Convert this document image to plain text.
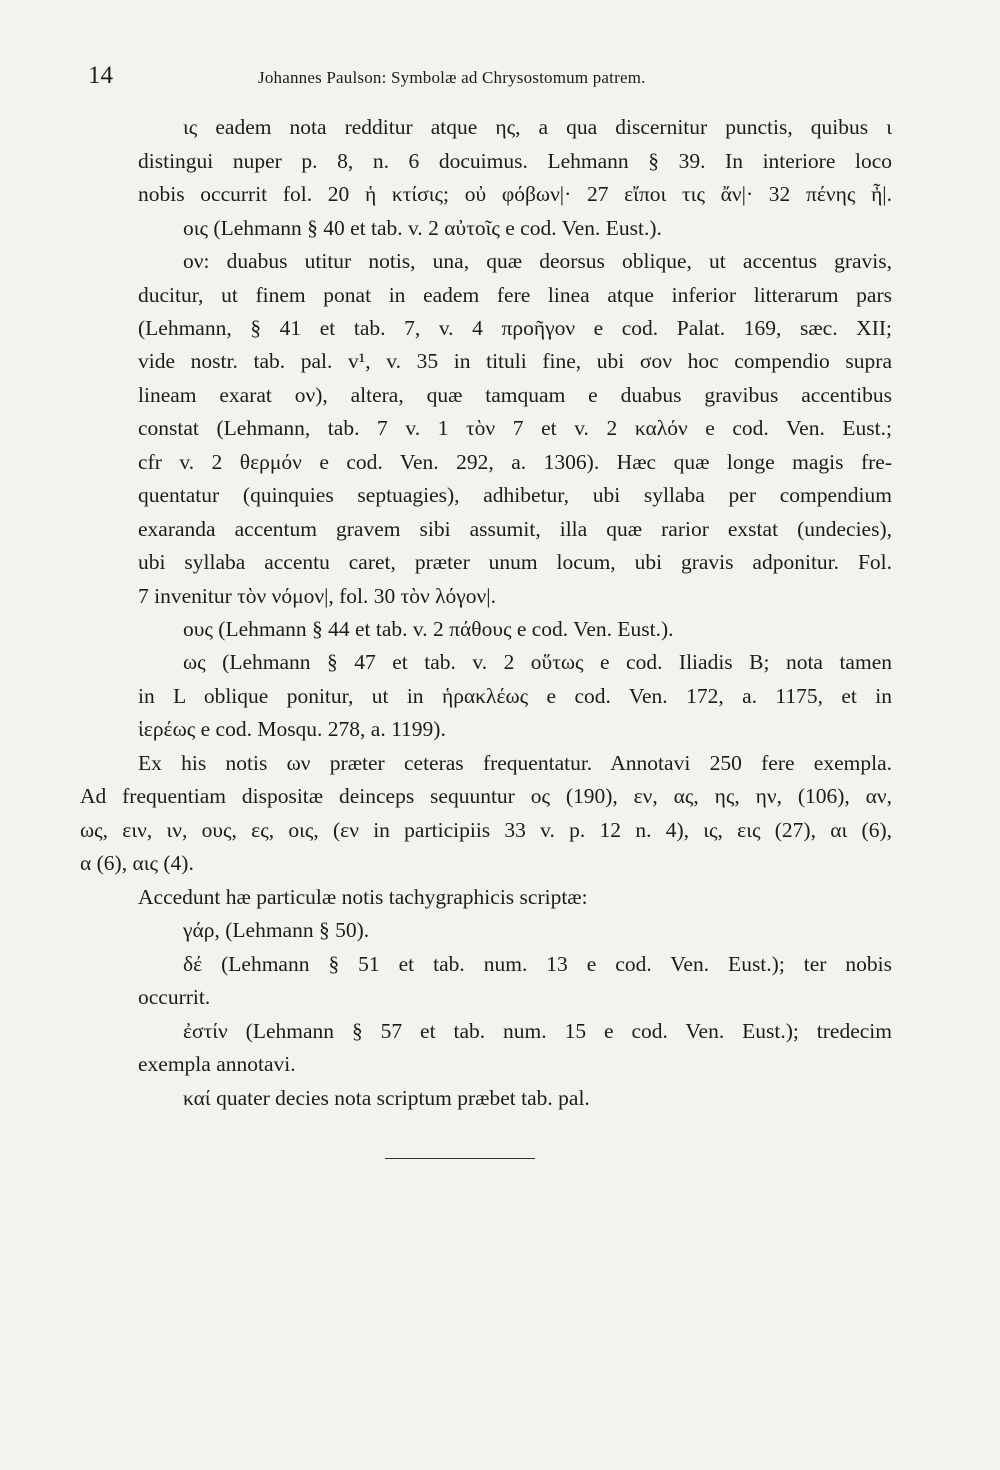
14	Johannes Paulson: Symbolæ ad Chrysostomum patrem.
ις eadem nota redditur atque ης, a qua discernitur punctis, quibus ι
distingui nuper p. 8, n. 6 docuimus. Lehmann § 39. In interiore loco
nobis occurrit fol. 20 ἡ κτίσις; οὐ φόβων|· 27 εἴποι τις ἄν|· 32 πένης ἦ|.
οις (Lehmann § 40 et tab. v. 2 αὐτοῖς e cod. Ven. Eust.).
ον: duabus utitur notis, una, quæ deorsus oblique, ut accentus gravis,
ducitur, ut finem ponat in eadem fere linea atque inferior litterarum pars
(Lehmann, § 41 et tab. 7, v. 4 προῆγον e cod. Palat. 169, sæc. XII;
vide nostr. tab. pal. v¹, v. 35 in tituli fine, ubi σον hoc compendio supra
lineam exarat ον), altera, quæ tamquam e duabus gravibus accentibus
constat (Lehmann, tab. 7 v. 1 τὸν 7 et v. 2 καλόν e cod. Ven. Eust.;
cfr v. 2 θερμόν e cod. Ven. 292, a. 1306). Hæc quæ longe magis fre-
quentatur (quinquies septuagies), adhibetur, ubi syllaba per compendium
exaranda accentum gravem sibi assumit, illa quæ rarior exstat (undecies),
ubi syllaba accentu caret, præter unum locum, ubi gravis adponitur. Fol.
7 invenitur τὸν νόμον|, fol. 30 τὸν λόγον|.
ους (Lehmann § 44 et tab. v. 2 πάθους e cod. Ven. Eust.).
ως (Lehmann § 47 et tab. v. 2 οὕτως e cod. Iliadis B; nota tamen
in L oblique ponitur, ut in ἡρακλέως e cod. Ven. 172, a. 1175, et in
ἱερέως e cod. Mosqu. 278, a. 1199).
Ex his notis ων præter ceteras frequentatur. Annotavi 250 fere exempla.
Ad frequentiam dispositæ deinceps sequuntur ος (190), εν, ας, ης, ην, (106), αν,
ως, ειν, ιν, ους, ες, οις, (εν in participiis 33 v. p. 12 n. 4), ις, εις (27), αι (6),
α (6), αις (4).
Accedunt hæ particulæ notis tachygraphicis scriptæ:
γάρ, (Lehmann § 50).
δέ (Lehmann § 51 et tab. num. 13 e cod. Ven. Eust.); ter nobis
occurrit.
ἐστίν (Lehmann § 57 et tab. num. 15 e cod. Ven. Eust.); tredecim
exempla annotavi.
καί quater decies nota scriptum præbet tab. pal.
